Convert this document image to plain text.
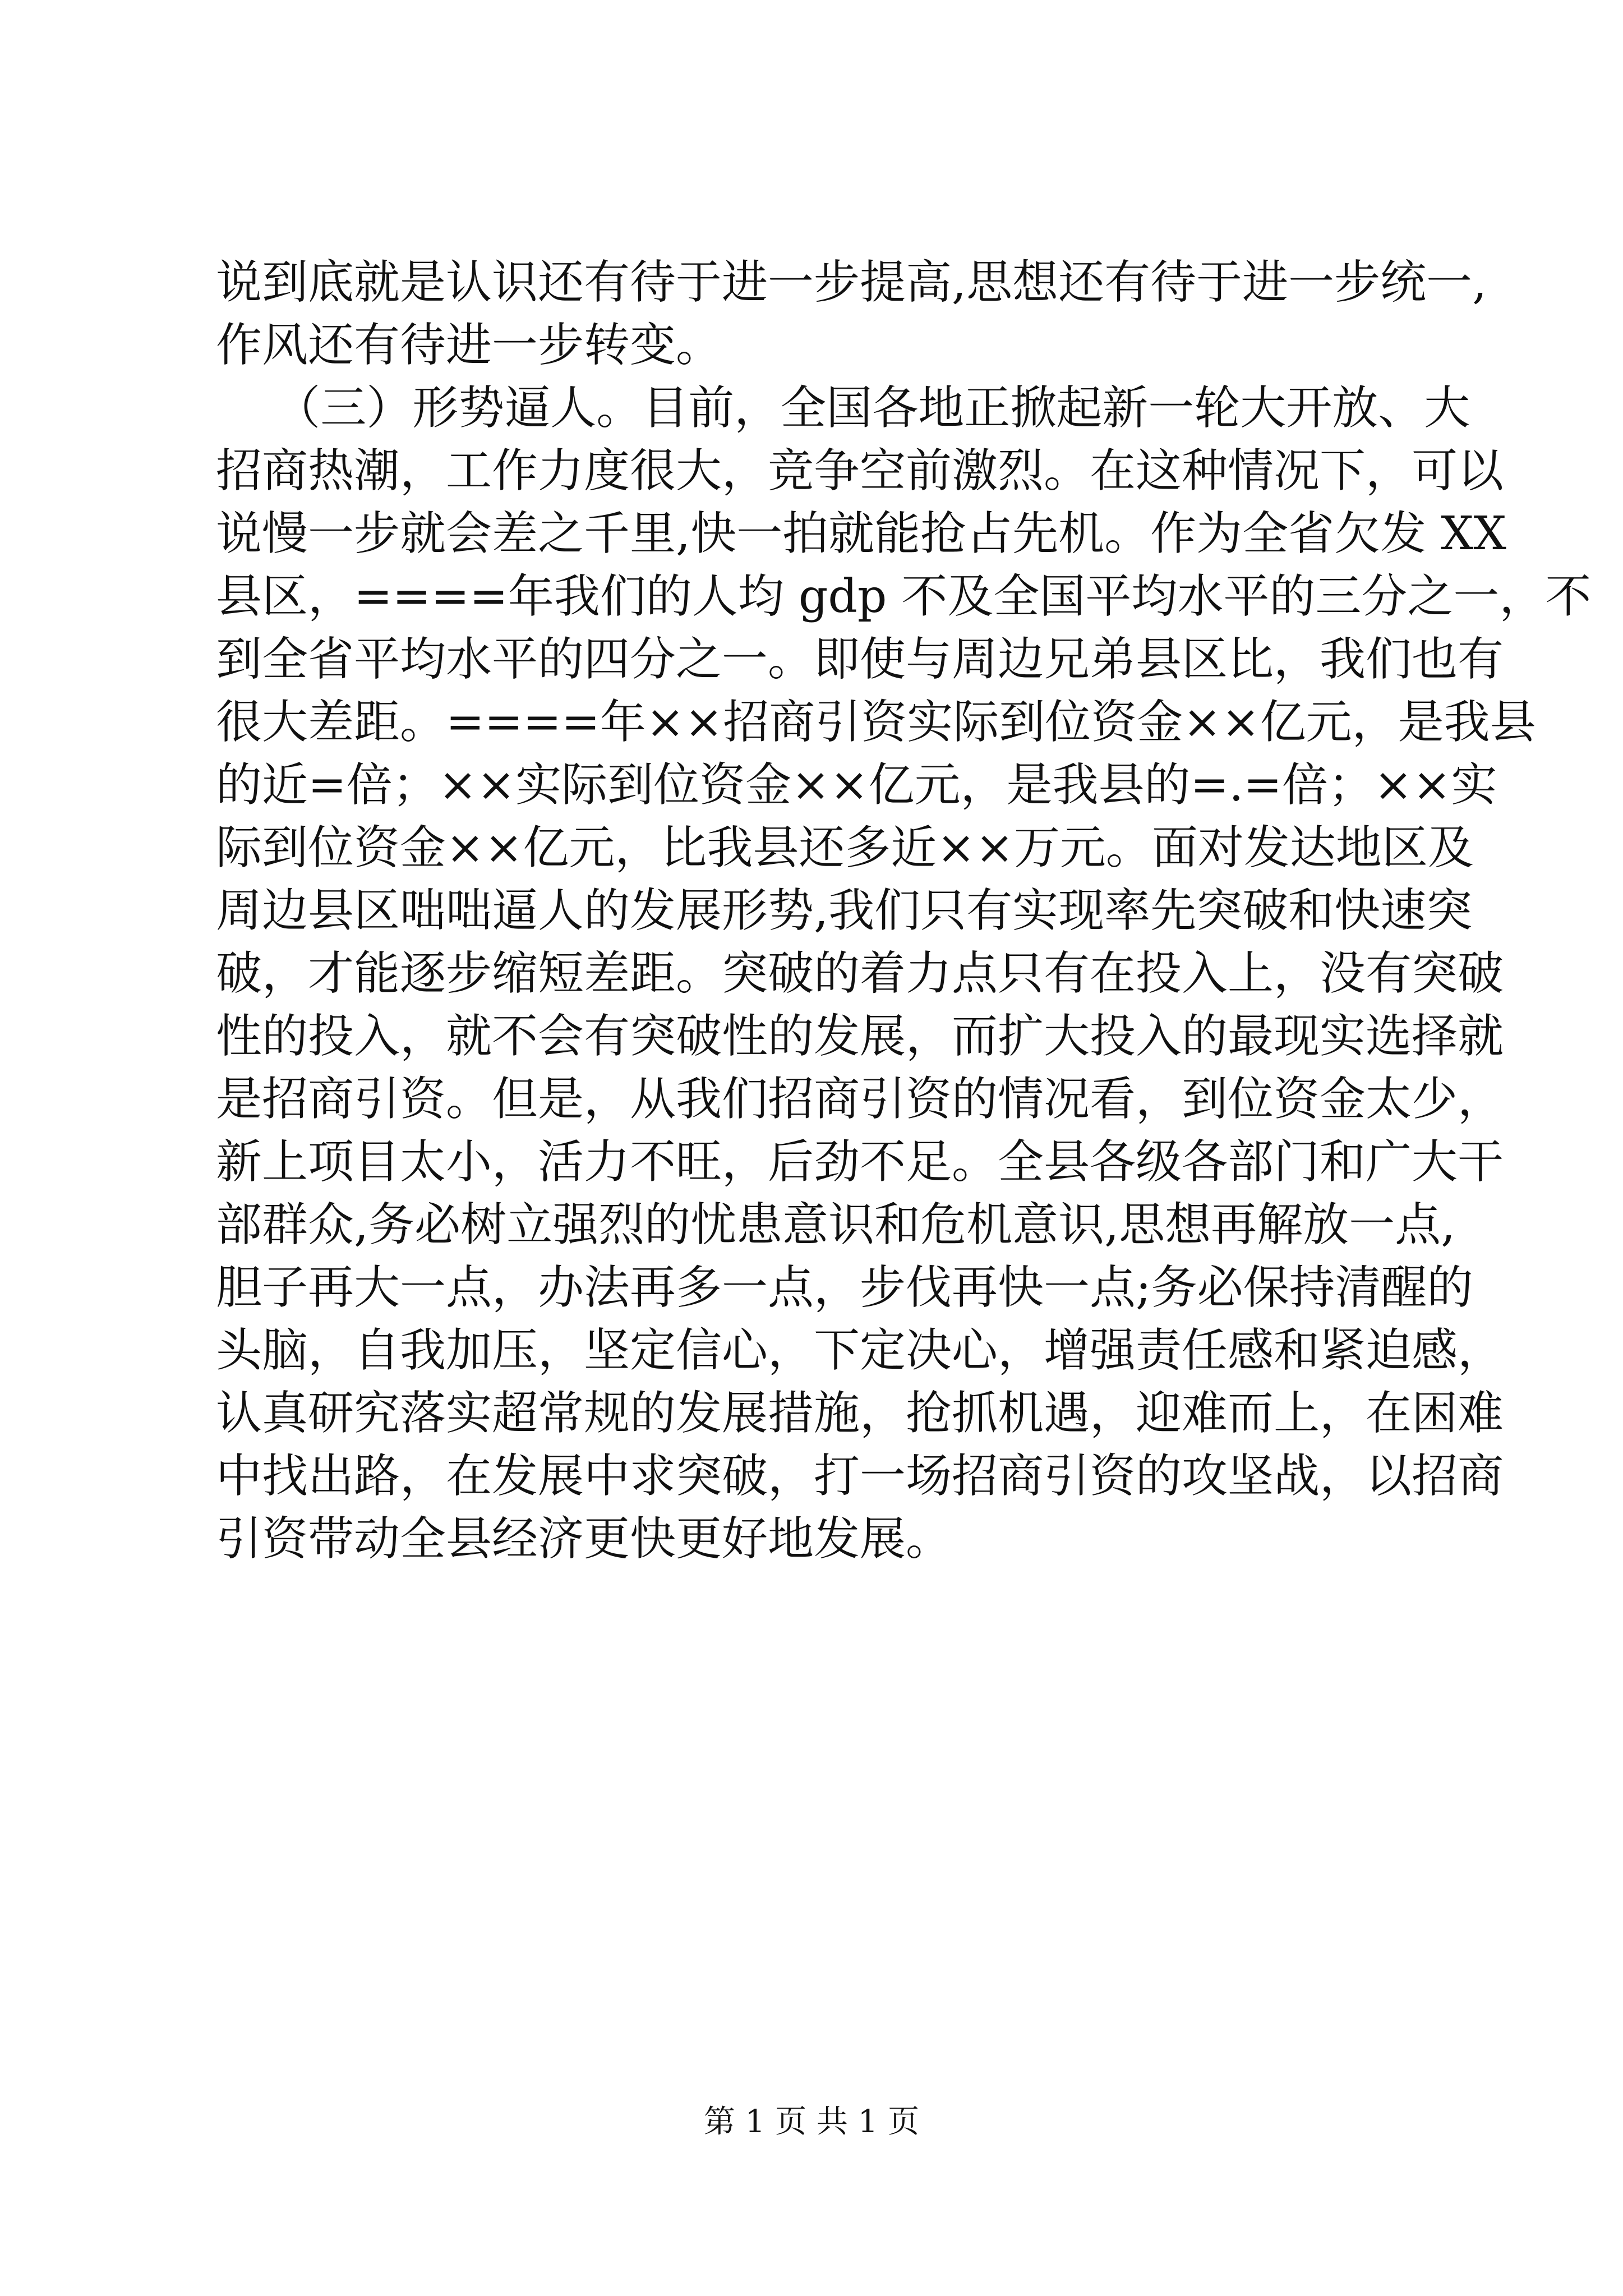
说到底就是认识还有待于进一步提高,思想还有待于进一步统一,
作风还有待进一步转变。
（三）形势逼人。目前，全国各地正掀起新一轮大开放、大
招商热潮，工作力度很大，竞争空前激烈。在这种情况下，可以
说慢一步就会差之千里,快一拍就能抢占先机。作为全省欠发 XX
县区，====年我们的人均 gdp 不及全国平均水平的三分之一，不
到全省平均水平的四分之一。即使与周边兄弟县区比，我们也有
很大差距。====年××招商引资实际到位资金××亿元，是我县
的近=倍；××实际到位资金××亿元，是我县的=.=倍；××实
际到位资金××亿元，比我县还多近××万元。面对发达地区及
周边县区咄咄逼人的发展形势,我们只有实现率先突破和快速突
破，才能逐步缩短差距。突破的着力点只有在投入上，没有突破
性的投入，就不会有突破性的发展，而扩大投入的最现实选择就
是招商引资。但是，从我们招商引资的情况看，到位资金太少，
新上项目太小，活力不旺，后劲不足。全县各级各部门和广大干
部群众,务必树立强烈的忧患意识和危机意识,思想再解放一点,
胆子再大一点，办法再多一点，步伐再快一点;务必保持清醒的
头脑，自我加压，坚定信心，下定决心，增强责任感和紧迫感，
认真研究落实超常规的发展措施，抢抓机遇，迎难而上，在困难
中找出路，在发展中求突破，打一场招商引资的攻坚战，以招商
引资带动全县经济更快更好地发展。
第 1 页 共 1 页
